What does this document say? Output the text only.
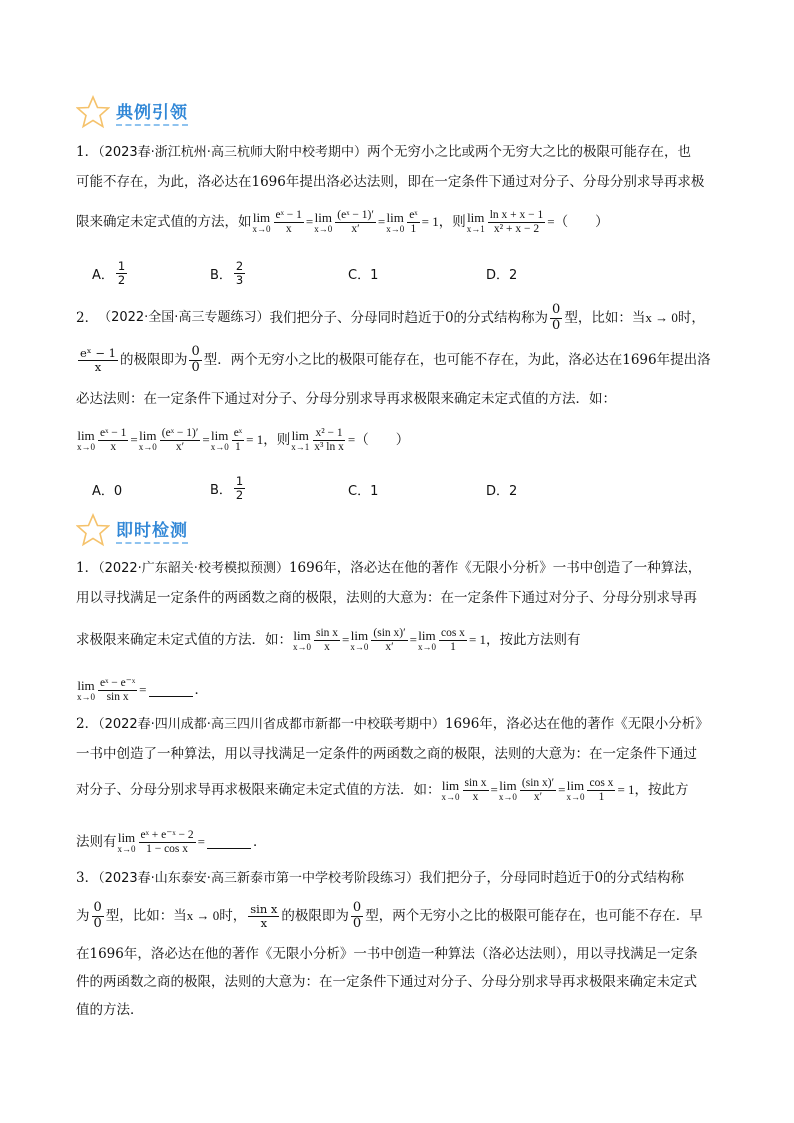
典例引领
1．（2023春·浙江杭州·高三杭师大附中校考期中）两个无穷小之比或两个无穷大之比的极限可能存在，也
可能不存在，为此，洛必达在1696年提出洛必达法则，即在一定条件下通过对分子、分母分别求导再求极
限来确定未定式值的方法，如 lim
$x\to 0 \frac{\text{eˣ − 1}}{x} = \lim$
$x\to 0 \frac{\text{(eˣ − 1)′}}{x'} = \lim$
$x\to 0 \frac{\text{eˣ}}{1} = 1$ ，则 lim
$x\to 1 \frac{\text{ln x + x − 1}}{\text{x² + x − 2}}$ = （　　）
A． $\frac{1}{2}$	B． $\frac{2}{3}$	C．1	D．2
2． （2022·全国·高三专题练习） 我们把分子、分母同时趋近于0的分式结构称为 $\frac{0}{0}$ 型，比如：当 x → 0 时，
$\frac{\text{eˣ − 1}}{x}$ 的极限即为 $\frac{0}{0}$ 型．两个无穷小之比的极限可能存在，也可能不存在，为此，洛必达在1696年提出洛
必达法则：在一定条件下通过对分子、分母分别求导再求极限来确定未定式值的方法．如：
lim
$x\to 0 \frac{\text{eˣ − 1}}{x} = \lim$
$x\to 0 \frac{\text{(eˣ − 1)′}}{x'} = \lim$
$x\to 0 \frac{\text{eˣ}}{1} = 1$ ，则 lim
$x\to 1 \frac{\text{x² − 1}}{\text{x³ ln x}}$ = （　　）
A．0	B． $\frac{1}{2}$	C．1	D．2
即时检测
1．（2022·广东韶关·校考模拟预测）1696年，洛必达在他的著作《无限小分析》一书中创造了一种算法，
用以寻找满足一定条件的两函数之商的极限，法则的大意为：在一定条件下通过对分子、分母分别求导再
求极限来确定未定式值的方法．如： lim
$x\to 0 \frac{\text{sin x}}{x} = \lim$
$x\to 0 \frac{\text{(sin x)′}}{x'} = \lim$
$x\to 0 \frac{\text{cos x}}{1} = 1$ ，按此方法则有
lim
$x\to 0 \frac{\text{eˣ − e⁻ˣ}}{\text{sin x}}$ =	．
2．（2022春·四川成都·高三四川省成都市新都一中校联考期中）1696年，洛必达在他的著作《无限小分析》
一书中创造了一种算法，用以寻找满足一定条件的两函数之商的极限，法则的大意为：在一定条件下通过
对分子、分母分别求导再求极限来确定未定式值的方法．如： lim
$x\to 0 \frac{\text{sin x}}{x} = \lim$
$x\to 0 \frac{\text{(sin x)′}}{x'} = \lim$
$x\to 0 \frac{\text{cos x}}{1} = 1$ ，按此方
法则有 lim
$x\to 0 \frac{\text{eˣ + e⁻ˣ − 2}}{\text{1 − cos x}}$ =	．
3．（2023春·山东泰安·高三新泰市第一中学校考阶段练习）我们把分子，分母同时趋近于0的分式结构称
为 $\frac{0}{0}$ 型，比如：当 x → 0 时， $\frac{\text{sin x}}{x}$ 的极限即为 $\frac{0}{0}$ 型，两个无穷小之比的极限可能存在，也可能不存在．早
在1696年，洛必达在他的著作《无限小分析》一书中创造一种算法（洛必达法则），用以寻找满足一定条
件的两函数之商的极限，法则的大意为：在一定条件下通过对分子、分母分别求导再求极限来确定未定式
值的方法．
